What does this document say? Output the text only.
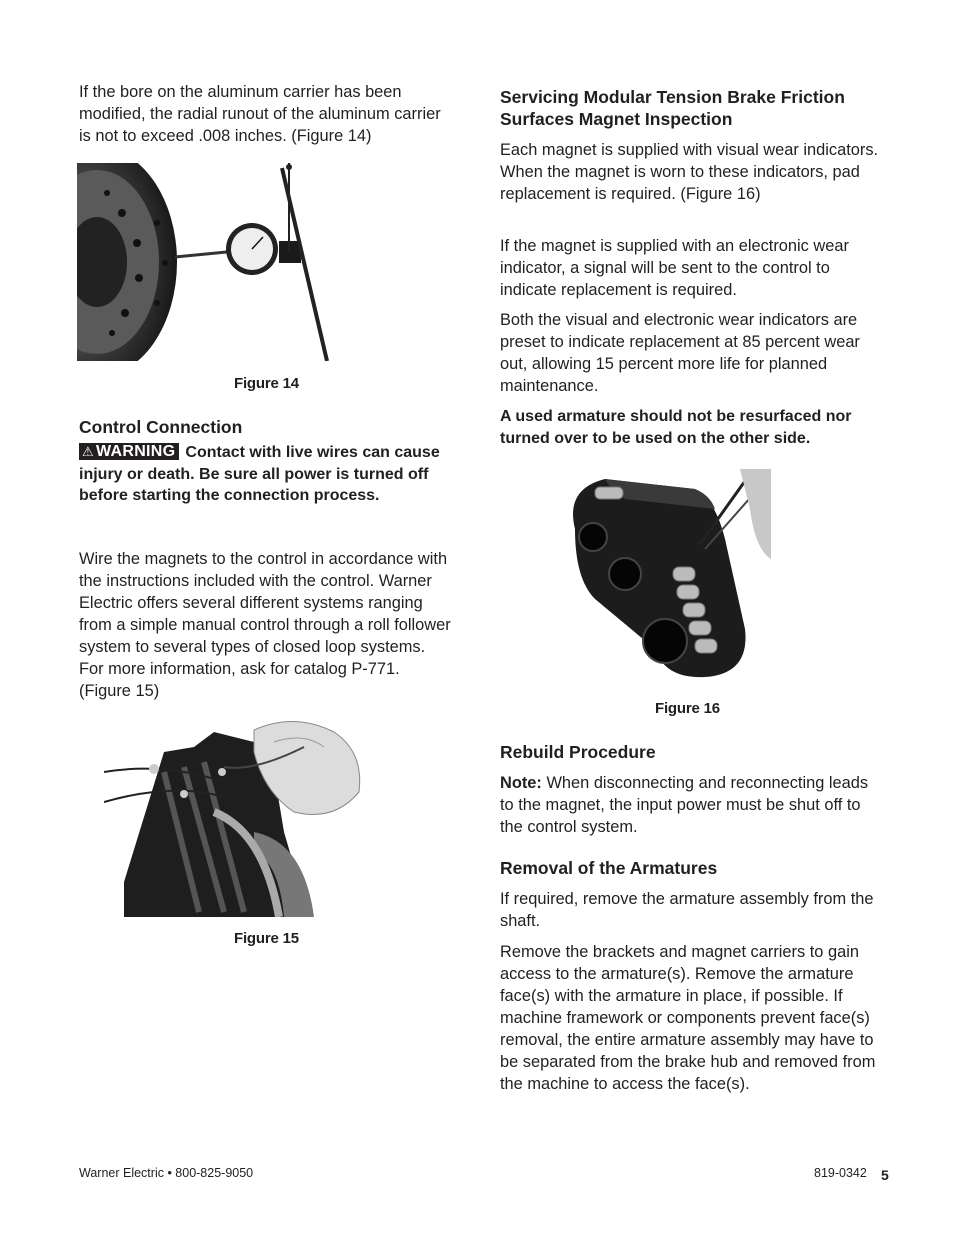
If the bore on the aluminum carrier has been modified, the radial runout of the aluminum carrier is not to exceed .008 inches. (Figure 14)

Figure 14
Control Connection

⚠ WARNING Contact with live wires can cause injury or death. Be sure all power is turned off before starting the connection process.

Wire the magnets to the control in accordance with the instructions included with the control. Warner Electric offers several different systems ranging from a simple manual control through a roll follower system to several types of closed loop systems. For more information, ask for catalog P-771. (Figure 15)

Figure 15
Servicing Modular Tension Brake Friction Surfaces Magnet Inspection

Each magnet is supplied with visual wear indicators. When the magnet is worn to these indicators, pad replacement is required. (Figure 16)

If the magnet is supplied with an electronic wear indicator, a signal will be sent to the control to indicate replacement is required.

Both the visual and electronic wear indicators are preset to indicate replacement at 85 percent wear out, allowing 15 percent more life for planned maintenance.

A used armature should not be resurfaced nor turned over to be used on the other side.

Figure 16
Rebuild Procedure

Note: When disconnecting and reconnecting leads to the magnet, the input power must be shut off to the control system.

Removal of the Armatures

If required, remove the armature assembly from the shaft.

Remove the brackets and magnet carriers to gain access to the armature(s). Remove the armature face(s) with the armature in place, if possible. If machine framework or components prevent face(s) removal, the entire armature assembly may have to be separated from the brake hub and removed from the machine to access the face(s).

Warner Electric • 800-825-9050	819-0342 5
